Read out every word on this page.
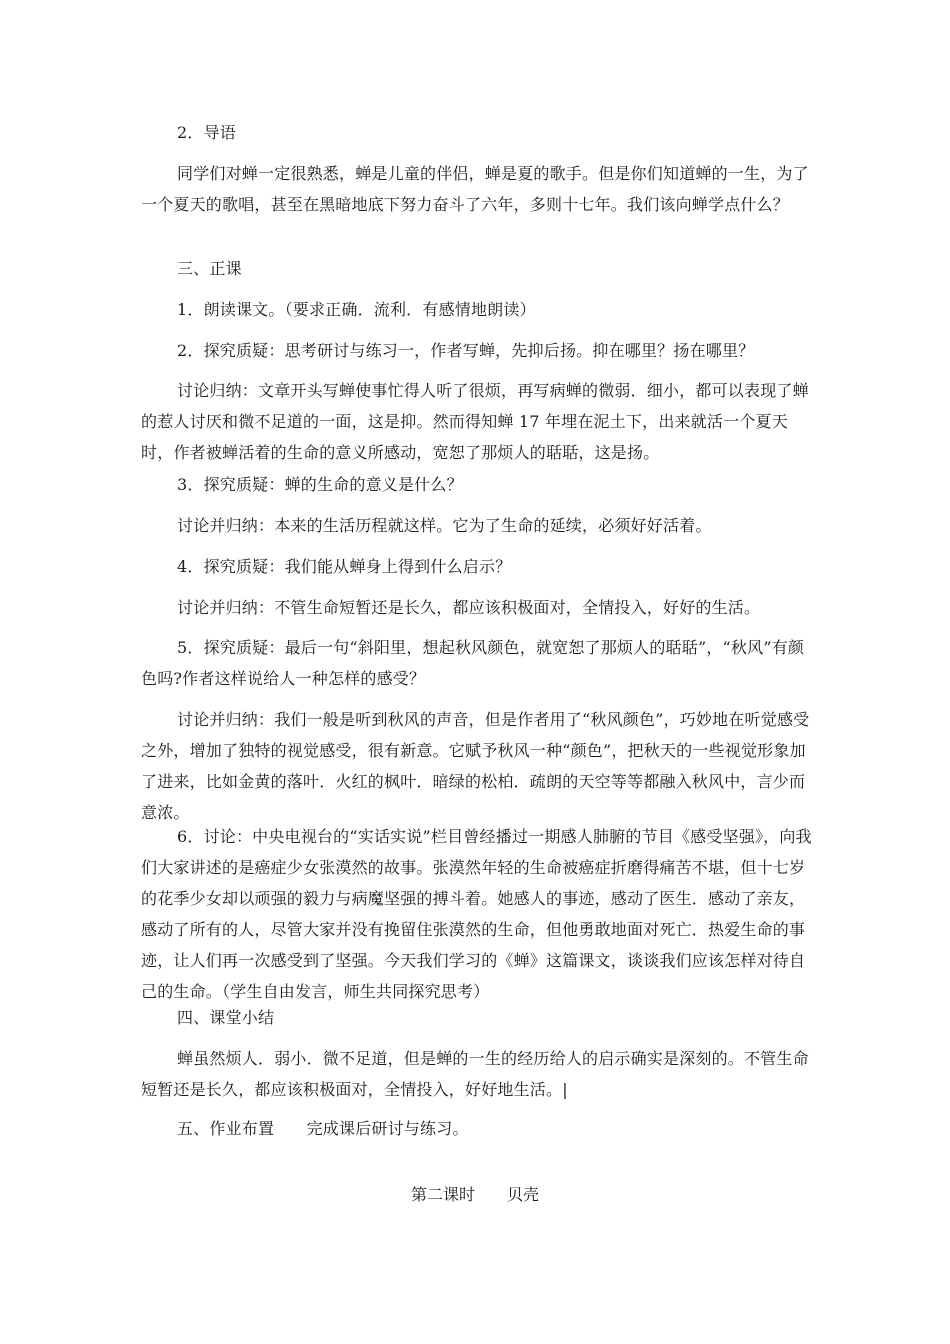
2．导语
同学们对蝉一定很熟悉，蝉是儿童的伴侣，蝉是夏的歌手。但是你们知道蝉的一生，为了一个夏天的歌唱，甚至在黑暗地底下努力奋斗了六年，多则十七年。我们该向蝉学点什么？
三、正课
1．朗读课文。（要求正确．流利．有感情地朗读）
2．探究质疑：思考研讨与练习一，作者写蝉，先抑后扬。抑在哪里？扬在哪里？
讨论归纳：文章开头写蝉使事忙得人听了很烦，再写病蝉的微弱．细小，都可以表现了蝉的惹人讨厌和微不足道的一面，这是抑。然而得知蝉 17 年埋在泥土下，出来就活一个夏天时，作者被蝉活着的生命的意义所感动，宽恕了那烦人的聒聒，这是扬。
3．探究质疑：蝉的生命的意义是什么？
讨论并归纳：本来的生活历程就这样。它为了生命的延续，必须好好活着。
4．探究质疑：我们能从蝉身上得到什么启示？
讨论并归纳：不管生命短暂还是长久，都应该积极面对，全情投入，好好的生活。
5．探究质疑：最后一句“斜阳里，想起秋风颜色，就宽恕了那烦人的聒聒”，“秋风”有颜色吗?作者这样说给人一种怎样的感受？
讨论并归纳：我们一般是听到秋风的声音，但是作者用了“秋风颜色”，巧妙地在听觉感受之外，增加了独特的视觉感受，很有新意。它赋予秋风一种“颜色”，把秋天的一些视觉形象加了进来，比如金黄的落叶．火红的枫叶．暗绿的松柏．疏朗的天空等等都融入秋风中，言少而意浓。
6．讨论：中央电视台的“实话实说”栏目曾经播过一期感人肺腑的节目《感受坚强》，向我们大家讲述的是癌症少女张漠然的故事。张漠然年轻的生命被癌症折磨得痛苦不堪，但十七岁的花季少女却以顽强的毅力与病魔坚强的搏斗着。她感人的事迹，感动了医生．感动了亲友，感动了所有的人，尽管大家并没有挽留住张漠然的生命，但他勇敢地面对死亡．热爱生命的事迹，让人们再一次感受到了坚强。今天我们学习的《蝉》这篇课文，谈谈我们应该怎样对待自己的生命。（学生自由发言，师生共同探究思考）
四、课堂小结
蝉虽然烦人．弱小．微不足道，但是蝉的一生的经历给人的启示确实是深刻的。不管生命短暂还是长久，都应该积极面对，全情投入，好好地生活。|
五、作业布置　　完成课后研讨与练习。
第二课时　　贝壳
